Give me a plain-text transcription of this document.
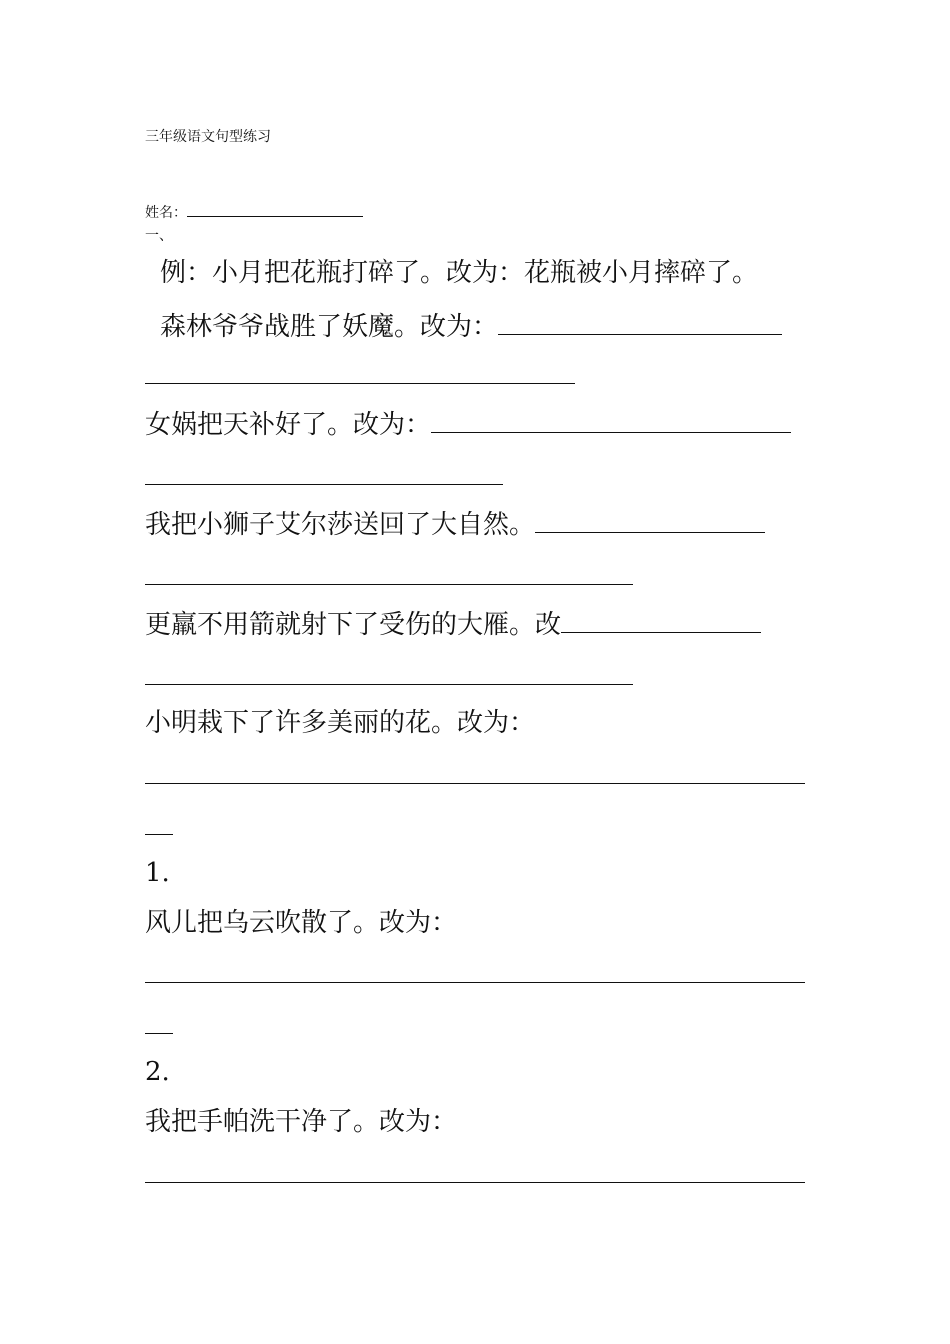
三年级语文句型练习
姓名：
一、
例：小月把花瓶打碎了。改为：花瓶被小月摔碎了。
森林爷爷战胜了妖魔。改为：
女娲把天补好了。改为：
我把小狮子艾尔莎送回了大自然。
更羸不用箭就射下了受伤的大雁。改
小明栽下了许多美丽的花。改为：
1.
风儿把乌云吹散了。改为：
2.
我把手帕洗干净了。改为：
